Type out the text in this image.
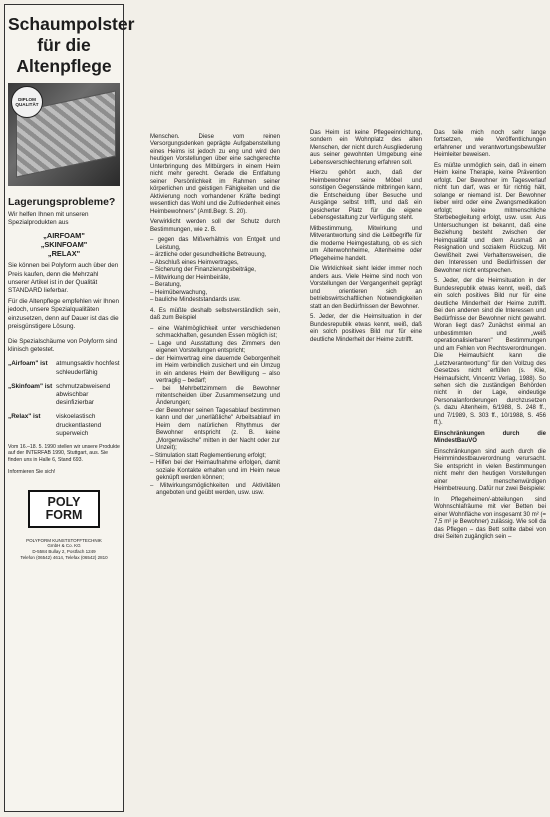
Schaumpolster
für die
Altenpflege
DIPLOM QUALITÄT
Lagerungsprobleme?
Wir helfen Ihnen mit unseren Spezialprodukten aus
„AIRFOAM"
„SKINFOAM"
„RELAX"
Sie können bei Polyform auch über den Preis kaufen, denn die Mehrzahl unserer Artikel ist in der Qualität STANDARD lieferbar.
Für die Altenpflege empfehlen wir Ihnen jedoch, unsere Spezialqualitäten einzusetzen, denn auf Dauer ist das die preisgünstigere Lösung.
Die Spezialschäume von Polyform sind klinisch getestet.
„Airfoam" ist	atmungsaktiv hochfest schleuderfähig
„Skinfoam" ist schmutzabweisend abwischbar desinfizierbar
„Relax" ist	viskoelastisch druckentlastend superweich
Vom 16.–18. 5. 1990 stellen wir unsere Produkte auf der INTERFAB 1990, Stuttgart, aus. Sie finden uns in Halle 6, Stand 693.
Informieren Sie sich!
POLY
FORM
POLYFORM KUNSTSTOFFTECHNIK
GmbH & Co. KG
D-5584 Bullay 2, Postfach 1249
Telefon (06542) 4614, Telefax (06542) 2810

Menschen. Diese vom reinen Versorgungsdenken geprägte Aufgabenstellung eines Heims ist jedoch zu eng und wird den heutigen Vorstellungen über eine sachgerechte Unterbringung des Mitbürgers in einem Heim nicht mehr gerecht. Gerade die Entfaltung seiner Persönlichkeit im Rahmen seiner körperlichen und geistigen Fähigkeiten und die Aktivierung noch vorhandener Kräfte bedingt wesentlich das Wohl und die Zufriedenheit eines Heimbewohners" (Amtl.Begr. S. 20).

Verwirklicht werden soll der Schutz durch Bestimmungen, wie z. B.

– gegen das Mißverhältnis von Entgelt und Leistung,
– ärztliche oder gesundheitliche Betreuung,
– Abschluß eines Heimvertrages,
– Sicherung der Finanzierungsbeiträge,
– Mitwirkung der Heimbeiräte,
– Beratung,
– Heimüberwachung,
– bauliche Mindeststandards usw.

4. Es müßte deshalb selbstverständlich sein, daß zum Beispiel

– eine Wahlmöglichkeit unter verschiedenen schmackhaften, gesunden Essen möglich ist;
– Lage und Ausstattung des Zimmers den eigenen Vorstellungen entspricht;
– der Heimvertrag eine dauernde Geborgenheit im Heim verbindlich zusichert und ein Umzug in ein anderes Heim der Bewilligung – also vertraglig – bedarf;
– bei Mehrbettzimmern die Bewohner mitentscheiden über Zusammensetzung und Änderungen;
– der Bewohner seinen Tagesablauf bestimmen kann und der „unerläßliche" Arbeitsablauf im Heim dem natürlichen Rhythmus der Bewohner entspricht (z. B. keine „Morgenwäsche" mitten in der Nacht oder zur Unzeit);
– Stimulation statt Reglementierung erfolgt;
– Hilfen bei der Heimaufnahme erfolgen, damit soziale Kontakte erhalten und im Heim neue geknüpft werden können;
– Mitwirkungsmöglichkeiten und Aktivitäten angeboten und geübt werden, usw. usw.

Das Heim ist keine Pflegeeinrichtung, sondern ein Wohnplatz des alten Menschen, der nicht durch Ausgliederung aus seiner gewohnten Umgebung eine Lebensverschlechterung erfahren soll.

Hierzu gehört auch, daß der Heimbewohner seine Möbel und sonstigen Gegenstände mitbringen kann, die Entscheidung über Besuche und Ausgänge selbst trifft, und daß ein gesicherter Platz für die eigene Lebensgestaltung zur Verfügung steht.

Mitbestimmung, Mitwirkung und Mitverantwortung sind die Leitbegriffe für die moderne Heimgestaltung, ob es sich um Altenwohnheime, Altenheime oder Pflegeheime handelt.

Die Wirklichkeit sieht leider immer noch anders aus. Viele Heime sind noch von Vorstellungen der Vergangenheit geprägt und orientieren sich an betriebswirtschaftlichen Notwendigkeiten statt an den Bedürfnissen der Bewohner.

5. Jeder, der die Heimsituation in der Bundesrepublik etwas kennt, weiß, daß ein solch positives Bild nur für eine deutliche Minderheit der Heime zutrifft.

Das teile mich noch sehr lange fortsetzen, wie Veröffentlichungen erfahrener und verantwortungsbewußter Heimleiter beweisen.

Es müßte unmöglich sein, daß in einem Heim keine Therapie, keine Prävention erfolgt. Der Bewohner im Tagesverlauf nicht tun darf, was er für richtig hält, solange er niemand ist. Der Bewohner lieber wird oder eine Zwangsmedikation erfolgt; keine mitmenschliche Sterbebegleitung erfolgt, usw. usw. Aus Untersuchungen ist bekannt, daß eine Beziehung besteht zwischen der Heimqualität und dem Ausmaß an Resignation und sozialem Rückzug. Mit Gewißheit zwei Verhaltensweisen, die den Interessen und Bedürfnissen der Bewohner nicht entsprechen.

5. Jeder, der die Heimsituation in der Bundesrepublik etwas kennt, weiß, daß ein solch positives Bild nur für eine deutliche Minderheit der Heime zutrifft. Bei den anderen sind die Interessen und Bedürfnisse der Bewohner nicht gewahrt. Woran liegt das? Zunächst einmal an unbestimmten und „weiß operationalisierbaren" Bestimmungen und am Fehlen von Rechtsverordnungen. Die Heimaufsicht kann die „Letztverantwortung" für den Vollzug des Gesetzes nicht erfüllen (s. Klie, Heimaufsicht, Vincentz Verlag, 1988). So sehen sich die zuständigen Behörden nicht in der Lage, eindeutige Personalanforderungen durchzusetzen (s. dazu Altenheim, 6/1988, S. 248 ff., und 7/1989, S. 303 ff., 10/1988, S. 456 ff.).

Einschränkungen durch die MindestBauVO

Einschränkungen sind auch durch die Heimmindestbauverordnung verursacht. Sie entspricht in vielen Bestimmungen nicht mehr den heutigen Vorstellungen einer menschenwürdigen Heimbetreuung. Dafür nur zwei Beispiele:

In Pflegeheimen/-abteilungen sind Wohnschlafräume mit vier Betten bei einer Wohnfläche von insgesamt 30 m² (= 7,5 m² je Bewohner) zulässig. Wie soll da das Pflegen – das Bett sollte dabei von drei Seiten zugänglich sein –
